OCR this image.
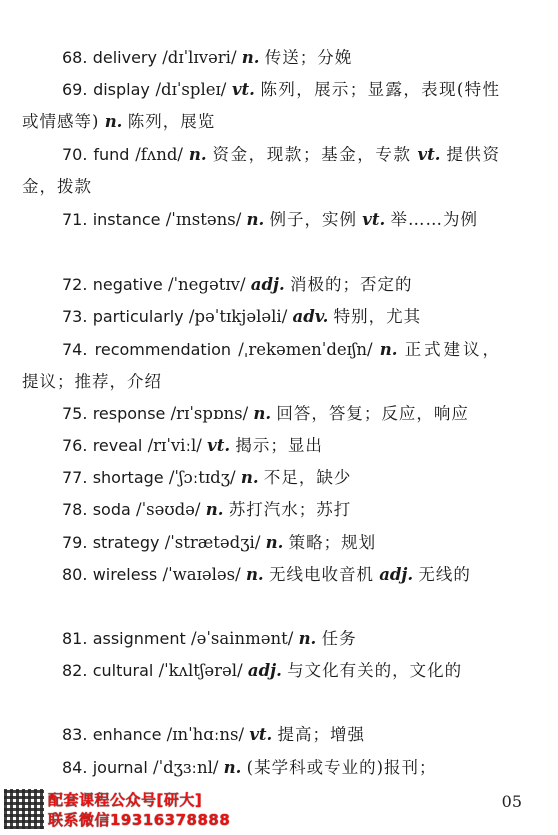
68. delivery /dɪˈlɪvəri/ n. 传送；分娩
69. display /dɪˈspleɪ/ vt. 陈列，展示；显露，表现(特性或情感等) n. 陈列，展览
70. fund /fʌnd/ n. 资金，现款；基金，专款 vt. 提供资金，拨款
71. instance /ˈɪnstəns/ n. 例子，实例 vt. 举……为例
72. negative /ˈneɡətɪv/ adj. 消极的；否定的
73. particularly /pəˈtɪkjələli/ adv. 特别，尤其
74. recommendation /ˌrekəmenˈdeɪʃn/ n. 正式建议，提议；推荐，介绍
75. response /rɪˈspɒns/ n. 回答，答复；反应，响应
76. reveal /rɪˈviːl/ vt. 揭示；显出
77. shortage /ˈʃɔːtɪdʒ/ n. 不足，缺少
78. soda /ˈsəʊdə/ n. 苏打汽水；苏打
79. strategy /ˈstrætədʒi/ n. 策略；规划
80. wireless /ˈwaɪələs/ n. 无线电收音机 adj. 无线的
81. assignment /əˈsainmənt/ n. 任务
82. cultural /ˈkʌltʃərəl/ adj. 与文化有关的，文化的
83. enhance /ɪnˈhɑːns/ vt. 提高；增强
84. journal /ˈdʒɜːnl/ n. (某学科或专业的)报刊；
配套课程公众号[研大]
联系微信19316378888
05
